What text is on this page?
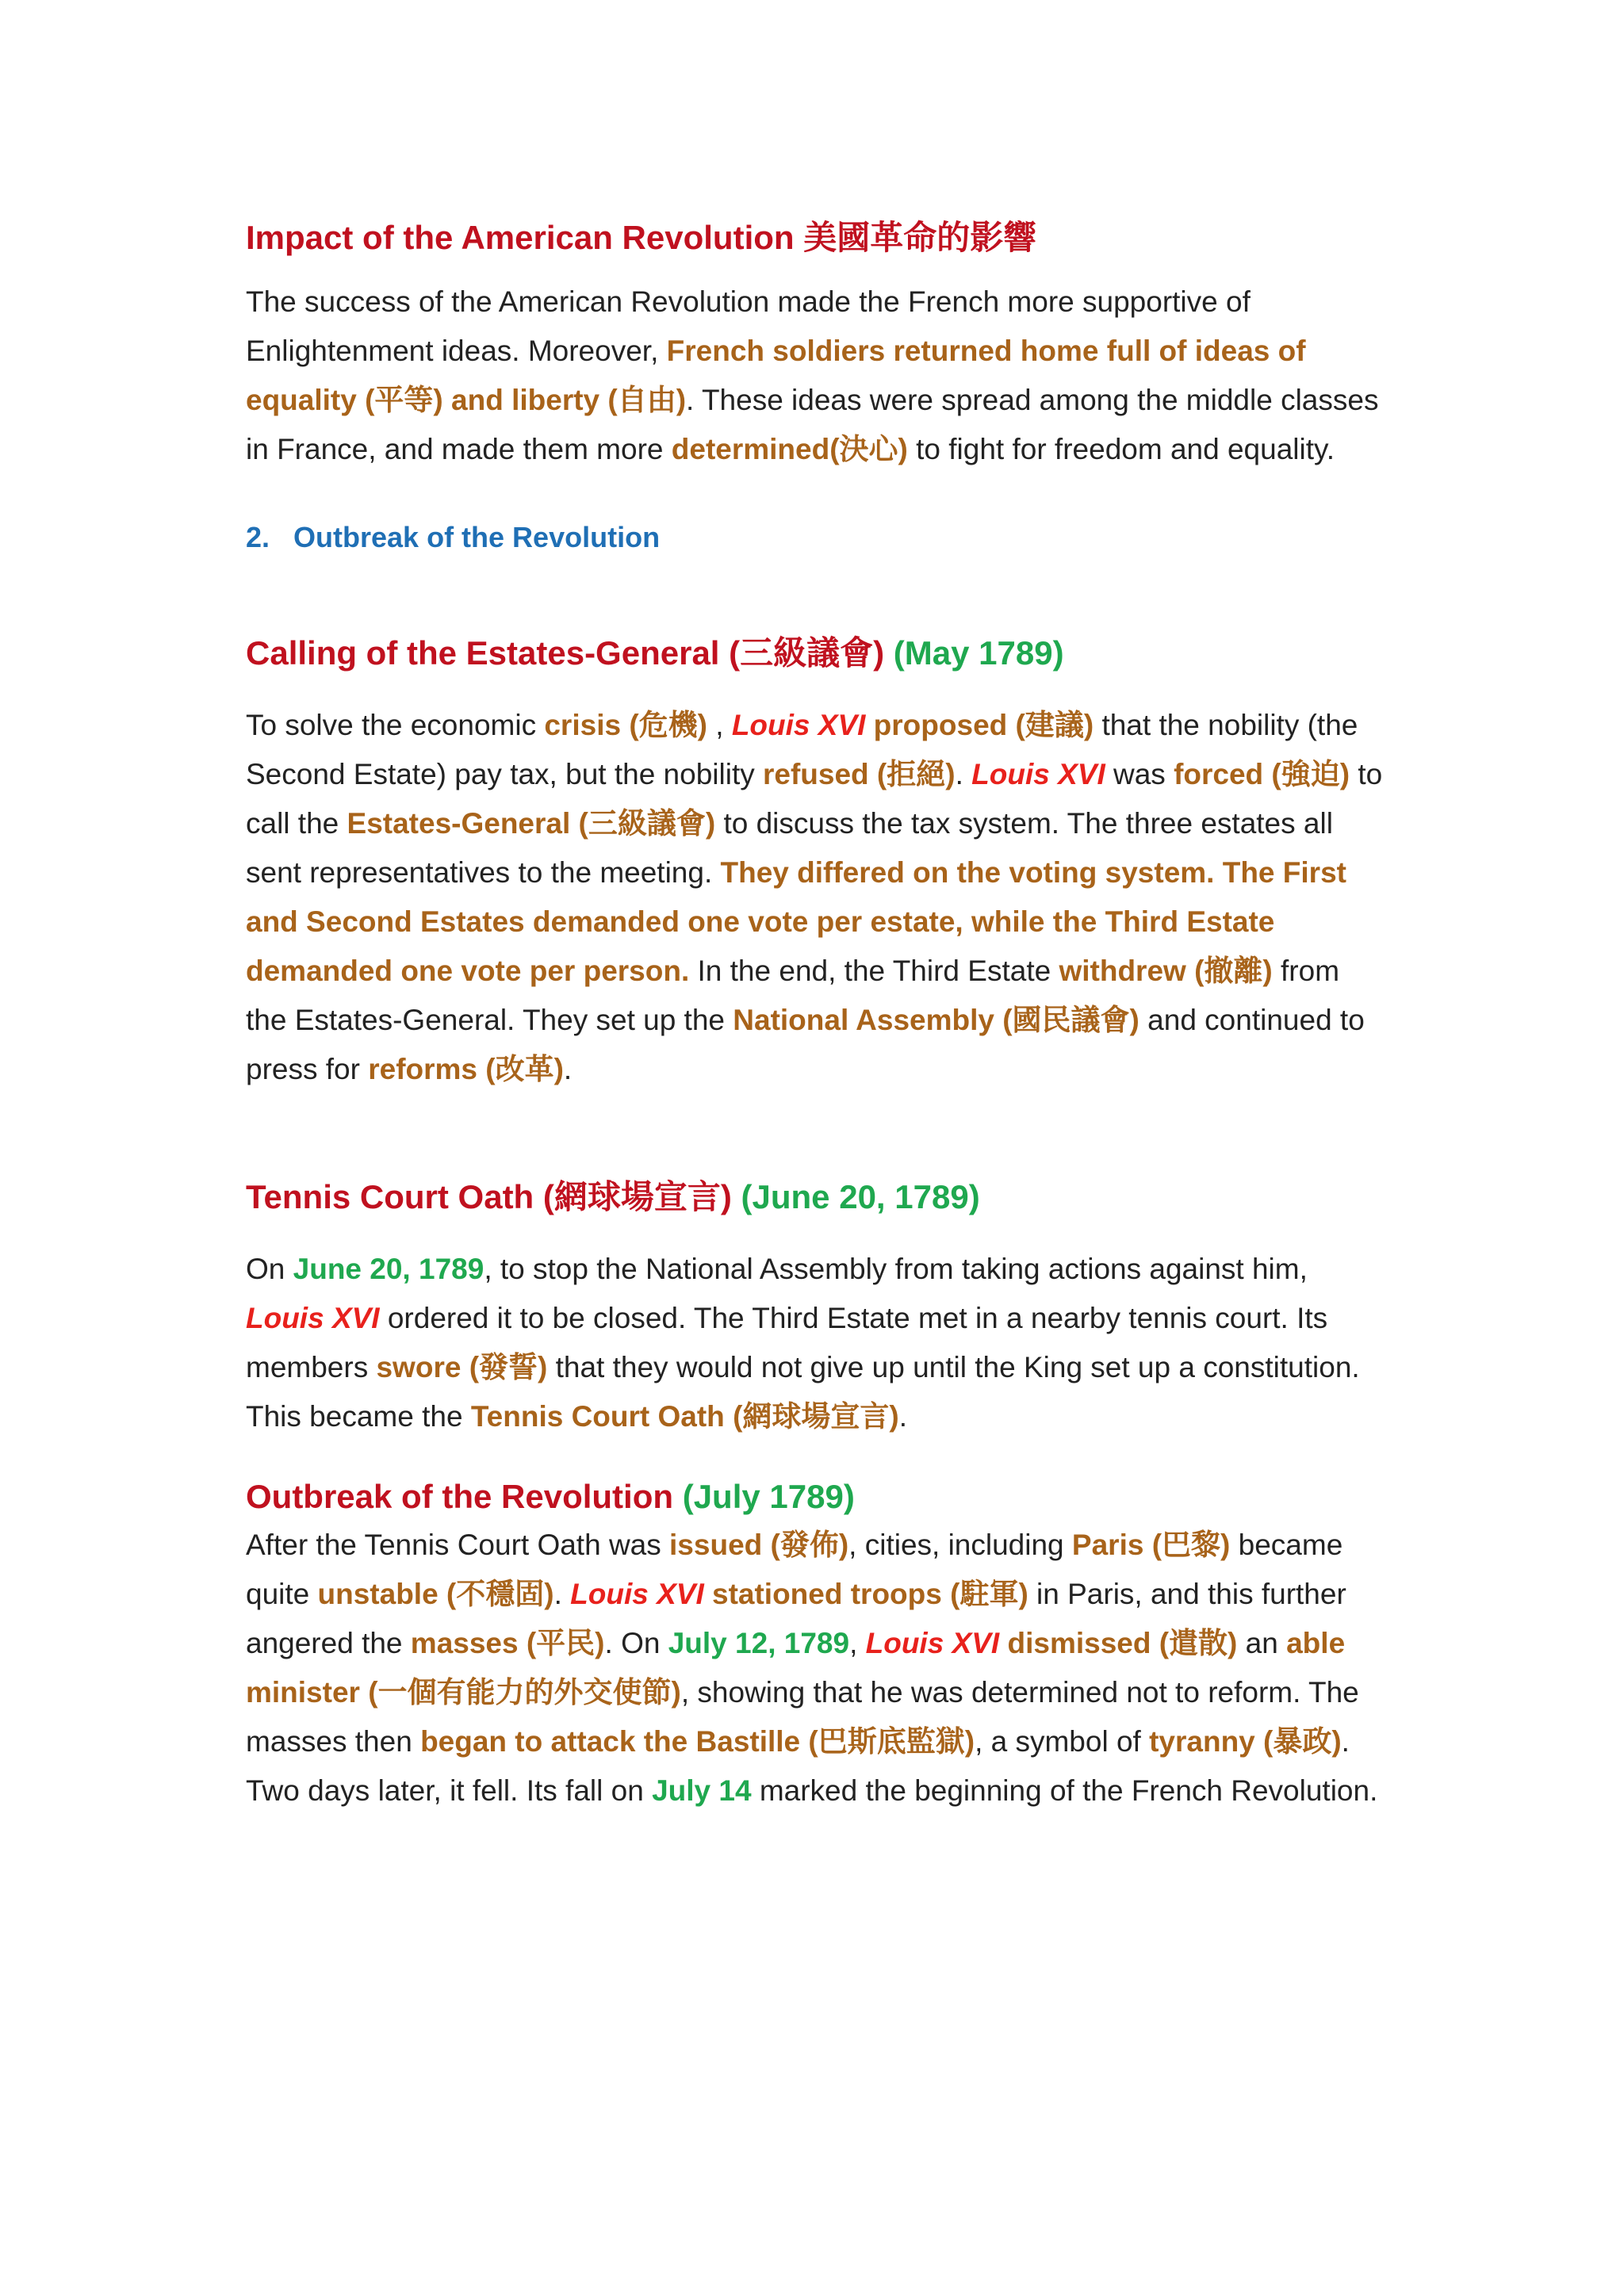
Impact of the American Revolution 美國革命的影響

The success of the American Revolution made the French more supportive of Enlightenment ideas. Moreover, French soldiers returned home full of ideas of equality (平等) and liberty (自由). These ideas were spread among the middle classes in France, and made them more determined(決心) to fight for freedom and equality.

2. Outbreak of the Revolution
Calling of the Estates-General (三級議會) (May 1789)

To solve the economic crisis (危機) , Louis XVI proposed (建議) that the nobility (the Second Estate) pay tax, but the nobility refused (拒絕). Louis XVI was forced (強迫) to call the Estates-General (三級議會) to discuss the tax system. The three estates all sent representatives to the meeting. They differed on the voting system. The First and Second Estates demanded one vote per estate, while the Third Estate demanded one vote per person. In the end, the Third Estate withdrew (撤離) from the Estates-General. They set up the National Assembly (國民議會) and continued to press for reforms (改革).

Tennis Court Oath (網球場宣言) (June 20, 1789)

On June 20, 1789, to stop the National Assembly from taking actions against him, Louis XVI ordered it to be closed. The Third Estate met in a nearby tennis court. Its members swore (發誓) that they would not give up until the King set up a constitution. This became the Tennis Court Oath (網球場宣言).

Outbreak of the Revolution (July 1789)

After the Tennis Court Oath was issued (發佈), cities, including Paris (巴黎) became quite unstable (不穩固). Louis XVI stationed troops (駐軍) in Paris, and this further angered the masses (平民). On July 12, 1789, Louis XVI dismissed (遣散) an able minister (一個有能力的外交使節), showing that he was determined not to reform. The masses then began to attack the Bastille (巴斯底監獄), a symbol of tyranny (暴政). Two days later, it fell. Its fall on July 14 marked the beginning of the French Revolution.
